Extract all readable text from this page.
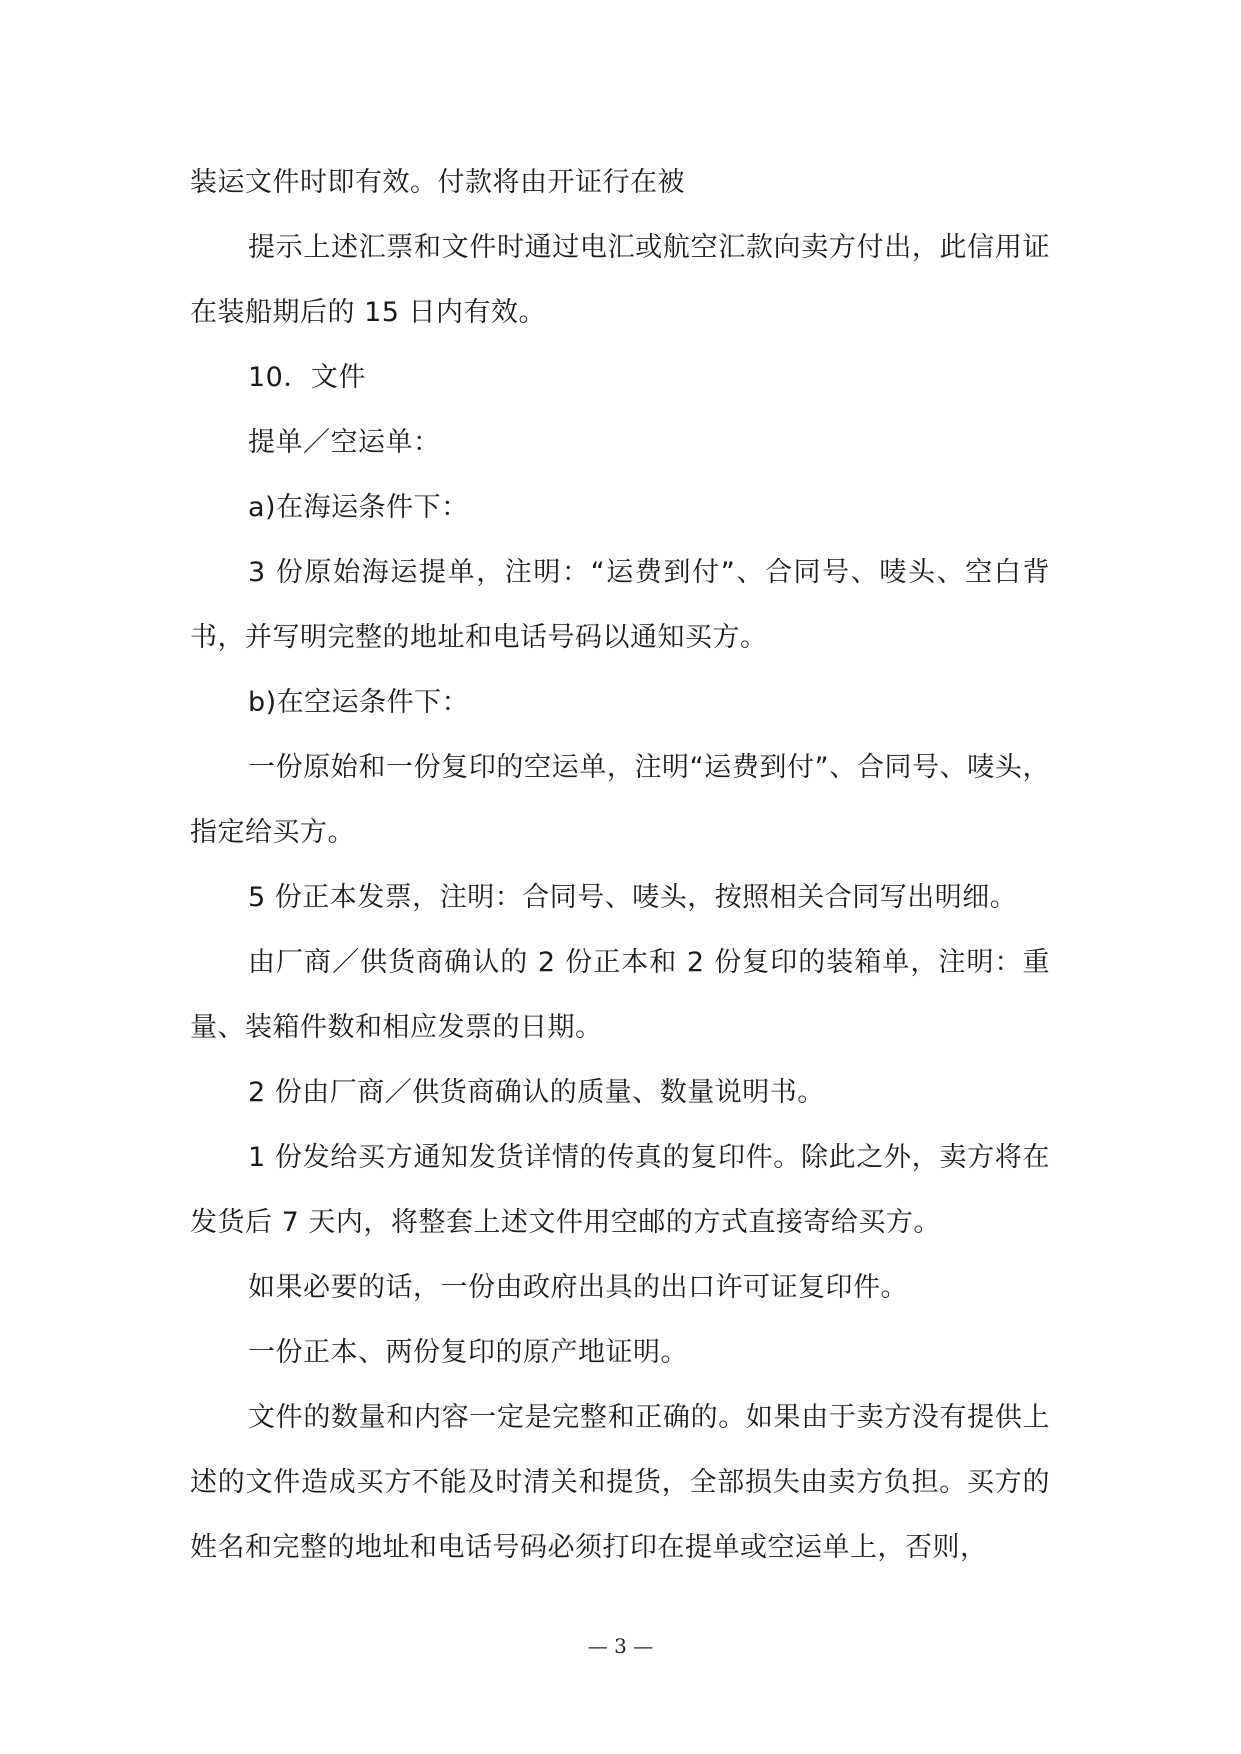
装运文件时即有效。付款将由开证行在被

提示上述汇票和文件时通过电汇或航空汇款向卖方付出，此信用证在装船期后的 15 日内有效。

10．文件

提单／空运单：

a)在海运条件下：

3 份原始海运提单，注明：“运费到付”、合同号、唛头、空白背书，并写明完整的地址和电话号码以通知买方。

b)在空运条件下：

一份原始和一份复印的空运单，注明“运费到付”、合同号、唛头，指定给买方。

5 份正本发票，注明：合同号、唛头，按照相关合同写出明细。

由厂商／供货商确认的 2 份正本和 2 份复印的装箱单，注明：重量、装箱件数和相应发票的日期。

2 份由厂商／供货商确认的质量、数量说明书。

1 份发给买方通知发货详情的传真的复印件。除此之外，卖方将在发货后 7 天内，将整套上述文件用空邮的方式直接寄给买方。

如果必要的话，一份由政府出具的出口许可证复印件。

一份正本、两份复印的原产地证明。

文件的数量和内容一定是完整和正确的。如果由于卖方没有提供上述的文件造成买方不能及时清关和提货，全部损失由卖方负担。买方的姓名和完整的地址和电话号码必须打印在提单或空运单上，否则，

— 3 —
